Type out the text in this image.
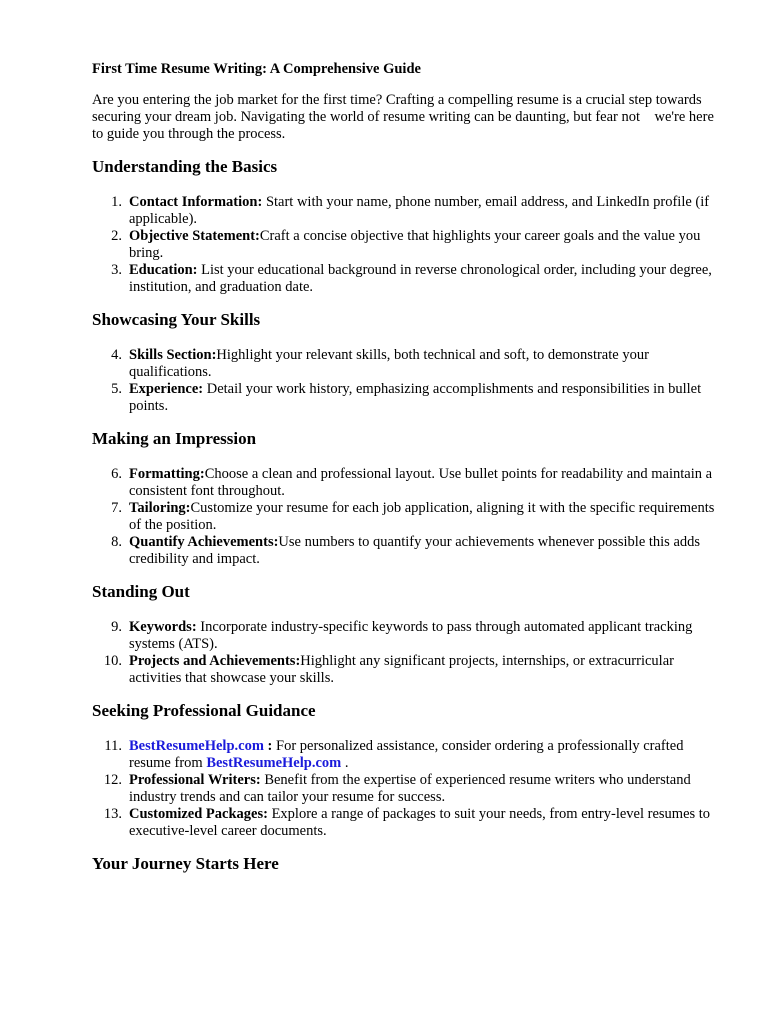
First Time Resume Writing: A Comprehensive Guide
Are you entering the job market for the first time? Crafting a compelling resume is a crucial step towards securing your dream job. Navigating the world of resume writing can be daunting, but fear not    we're here to guide you through the process.
Understanding the Basics
1. Contact Information: Start with your name, phone number, email address, and LinkedIn profile (if applicable).
2. Objective Statement:Craft a concise objective that highlights your career goals and the value you bring.
3. Education: List your educational background in reverse chronological order, including your degree, institution, and graduation date.
Showcasing Your Skills
4. Skills Section:Highlight your relevant skills, both technical and soft, to demonstrate your qualifications.
5. Experience: Detail your work history, emphasizing accomplishments and responsibilities in bullet points.
Making an Impression
6. Formatting:Choose a clean and professional layout. Use bullet points for readability and maintain a consistent font throughout.
7. Tailoring:Customize your resume for each job application, aligning it with the specific requirements of the position.
8. Quantify Achievements:Use numbers to quantify your achievements whenever possible this adds credibility and impact.
Standing Out
9. Keywords: Incorporate industry-specific keywords to pass through automated applicant tracking systems (ATS).
10. Projects and Achievements:Highlight any significant projects, internships, or extracurricular activities that showcase your skills.
Seeking Professional Guidance
11. BestResumeHelp.com : For personalized assistance, consider ordering a professionally crafted resume from BestResumeHelp.com .
12. Professional Writers: Benefit from the expertise of experienced resume writers who understand industry trends and can tailor your resume for success.
13. Customized Packages: Explore a range of packages to suit your needs, from entry-level resumes to executive-level career documents.
Your Journey Starts Here
